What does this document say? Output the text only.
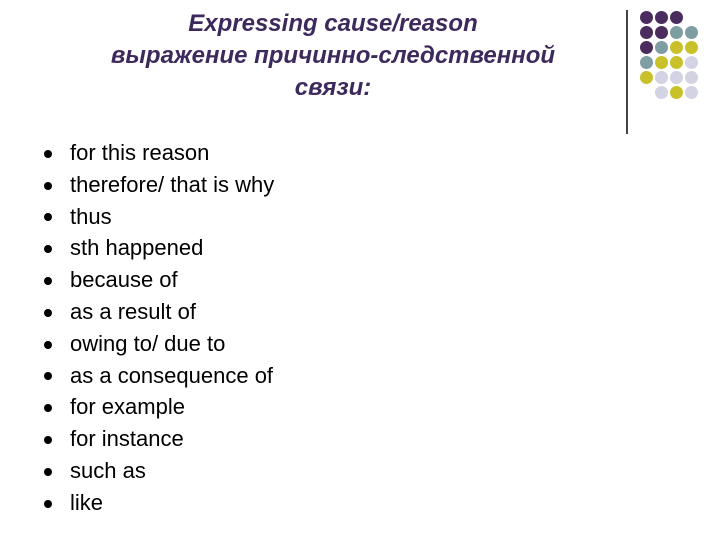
Expressing cause/reason
выражение причинно-следственной
связи:
for this reason
therefore/ that is why
thus
sth happened
because of
as a result of
owing to/ due to
as a consequence of
for example
for instance
such as
like
